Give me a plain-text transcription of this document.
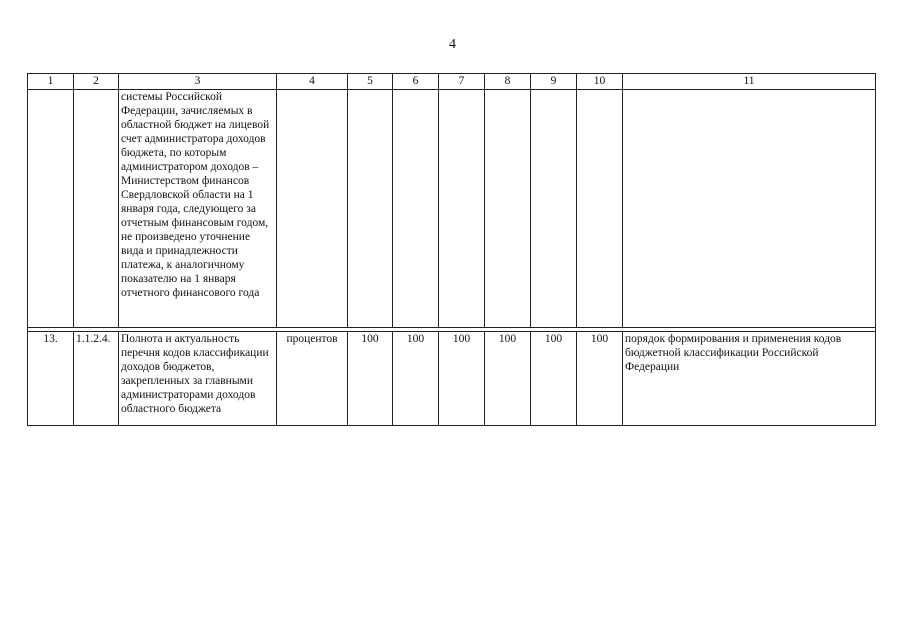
4
1	2	3	4	5	6	7	8	9	10	11
		системы Российской Федерации, зачисляемых в областной бюджет на лицевой счет администратора доходов бюджета, по которым администратором доходов – Министерством финансов Свердловской области на 1 января года, следующего за отчетным финансовым годом, не произведено уточнение вида и принадлежности платежа, к аналогичному показателю на 1 января отчетного финансового года								

13.	1.1.2.4.	Полнота и актуальность перечня кодов классификации доходов бюджетов, закрепленных за главными администраторами доходов областного бюджета	процентов	100	100	100	100	100	100	порядок формирования и применения кодов бюджетной классификации Российской Федерации
